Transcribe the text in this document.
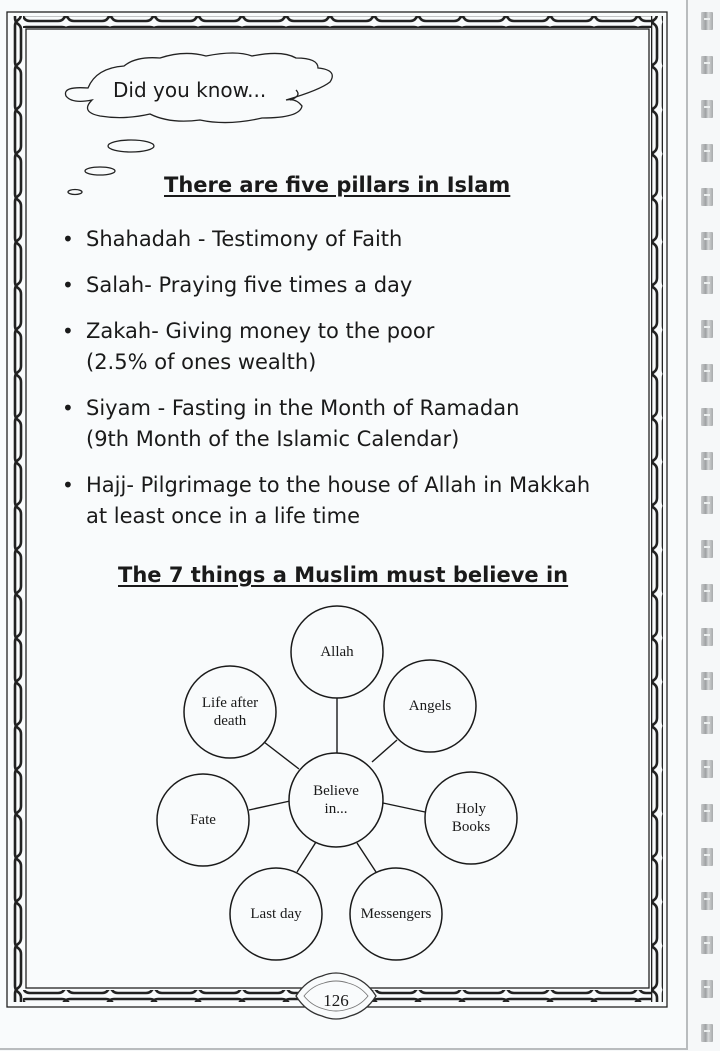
Did you know...
There are five pillars in Islam
• Shahadah - Testimony of Faith
• Salah- Praying five times a day
• Zakah- Giving money to the poor
(2.5% of ones wealth)
• Siyam - Fasting in the Month of Ramadan
(9th Month of the Islamic Calendar)
• Hajj- Pilgrimage to the house of Allah in Makkah
at least once in a life time
The 7 things a Muslim must believe in
Believe
in...
Allah
Angels
Holy
Books
Messengers
Last day
Fate
Life after
death
126
